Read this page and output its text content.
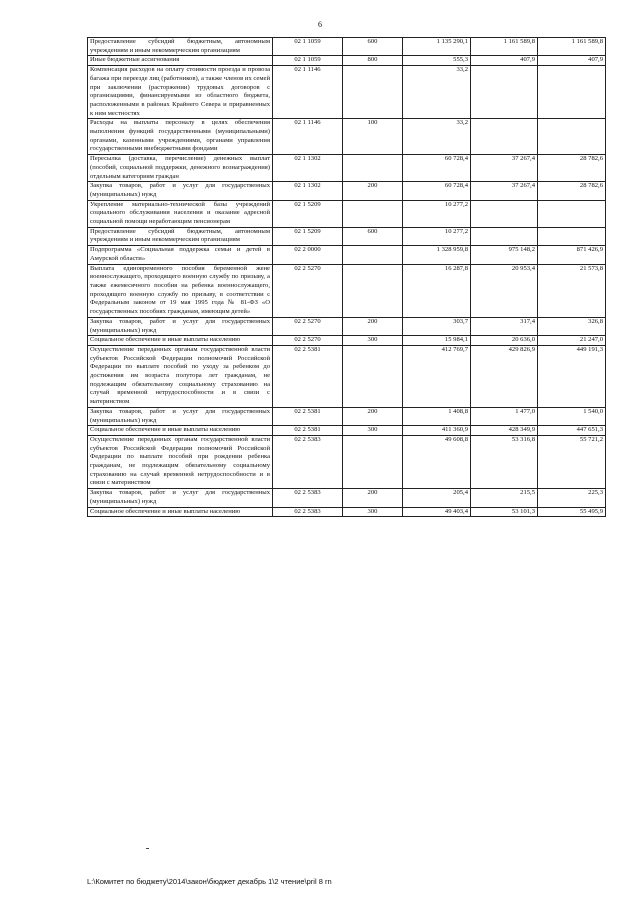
6
Предоставление субсидий бюджетным, автономным учреждениям и иным некоммерческим организациям	02 1 1059	600	1 135 290,1	1 161 589,8	1 161 589,8
Иные бюджетные ассигнования	02 1 1059	800	555,3	407,9	407,9
Компенсация расходов на оплату стоимости проезда и провоза багажа при переезде лиц (работников), а также членов их семей при заключении (расторжении) трудовых договоров с организациями, финансируемыми из областного бюджета, расположенными в районах Крайнего Севера и приравненных к ним местностях	02 1 1146		33,2		
Расходы на выплаты персоналу в целях обеспечения выполнения функций государственными (муниципальными) органами, казенными учреждениями, органами управления государственными внебюджетными фондами	02 1 1146	100	33,2		
Пересылка (доставка, перечисление) денежных выплат (пособий, социальной поддержки, денежного вознаграждения) отдельным категориям граждан	02 1 1302		60 728,4	37 267,4	28 782,6
Закупка товаров, работ и услуг для государственных (муниципальных) нужд	02 1 1302	200	60 728,4	37 267,4	28 782,6
Укрепление материально-технической базы учреждений социального обслуживания населения и оказание адресной социальной помощи неработающим пенсионерам	02 1 5209		10 277,2		
Предоставление субсидий бюджетным, автономным учреждениям и иным некоммерческим организациям	02 1 5209	600	10 277,2		
Подпрограмма «Социальная поддержка семьи и детей в Амурской области»	02 2 0000		1 328 959,8	975 148,2	871 426,9
Выплата единовременного пособия беременной жене военнослужащего, проходящего военную службу по призыву, а также ежемесячного пособия на ребенка военнослужащего, проходящего военную службу по призыву, в соответствии с Федеральным законом от 19 мая 1995 года № 81-ФЗ «О государственных пособиях гражданам, имеющим детей»	02 2 5270		16 287,8	20 953,4	21 573,8
Закупка товаров, работ и услуг для государственных (муниципальных) нужд	02 2 5270	200	303,7	317,4	326,8
Социальное обеспечение и иные выплаты населению	02 2 5270	300	15 984,1	20 636,0	21 247,0
Осуществление переданных органам государственной власти субъектов Российской Федерации полномочий Российской Федерации по выплате пособий по уходу за ребенком до достижения им возраста полутора лет гражданам, не подлежащим обязательному социальному страхованию на случай временной нетрудоспособности и в связи с материнством	02 2 5381		412 769,7	429 826,9	449 191,3
Закупка товаров, работ и услуг для государственных (муниципальных) нужд	02 2 5381	200	1 408,8	1 477,0	1 540,0
Социальное обеспечение и иные выплаты населению	02 2 5381	300	411 360,9	428 349,9	447 651,3
Осуществление переданных органам государственной власти субъектов Российской Федерации полномочий Российской Федерации по выплате пособий при рождении ребенка гражданам, не подлежащим обязательному социальному страхованию на случай временной нетрудоспособности и в связи с материнством	02 2 5383		49 608,8	53 316,8	55 721,2
Закупка товаров, работ и услуг для государственных (муниципальных) нужд	02 2 5383	200	205,4	215,5	225,3
Социальное обеспечение и иные выплаты населению	02 2 5383	300	49 403,4	53 101,3	55 495,9
L:\Комитет по бюджету\2014\закон\бюджет декабрь 1\2 чтение\pril 8 rn
